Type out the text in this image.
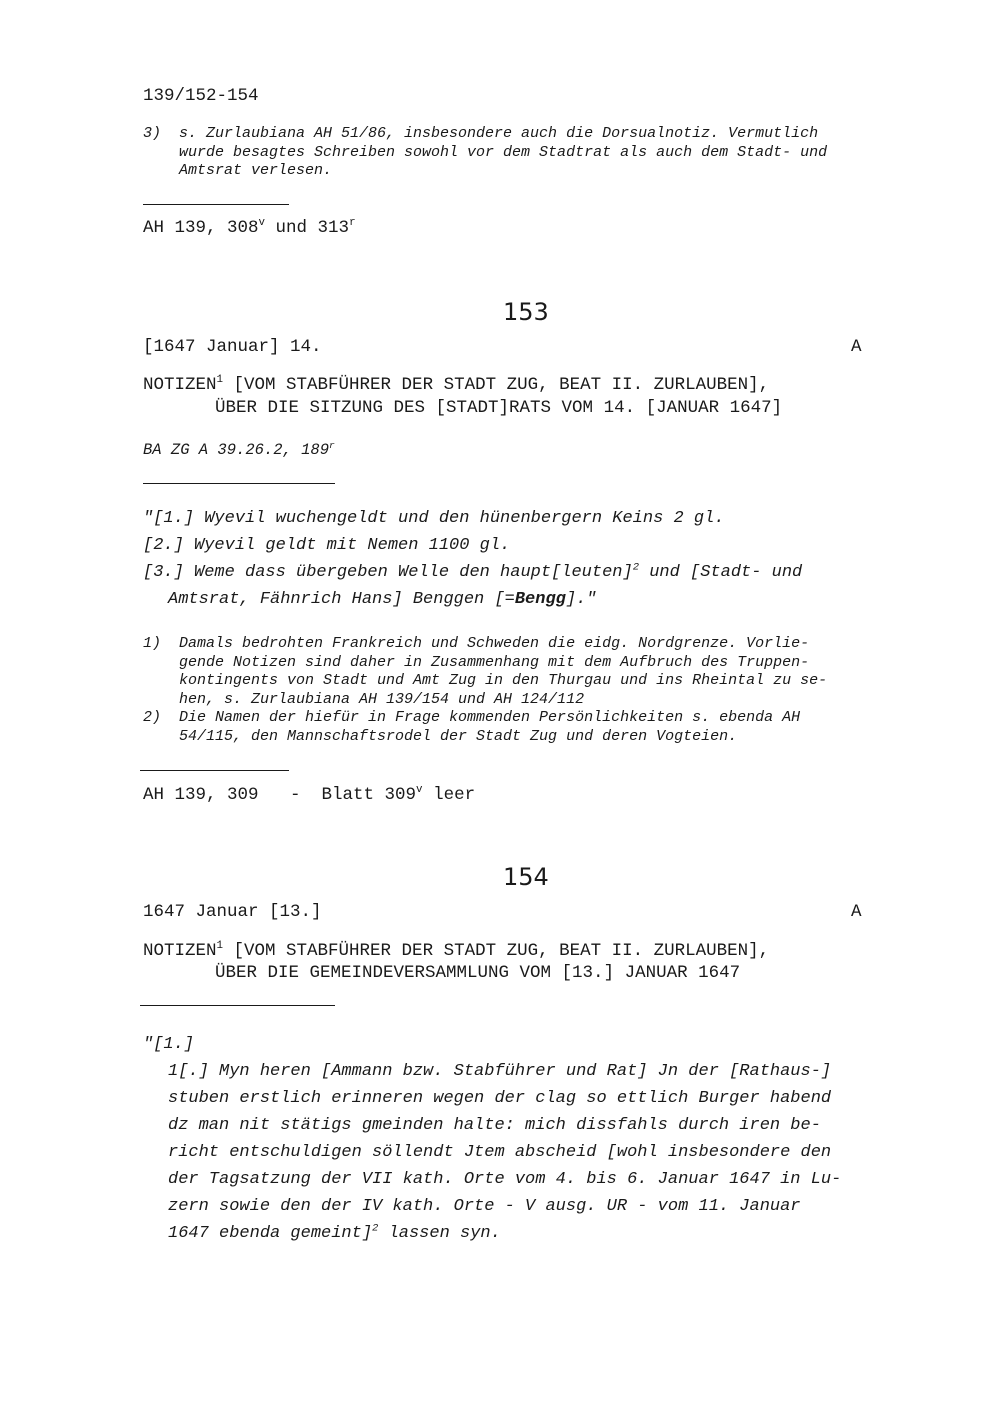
139/152-154
3)	s. Zurlaubiana AH 51/86, insbesondere auch die Dorsualnotiz. Vermutlich
wurde besagtes Schreiben sowohl vor dem Stadtrat als auch dem Stadt- und
Amtsrat verlesen.
AH 139, 308$^v$ und 313$^r$
153
[1647 Januar] 14.	A
NOTIZEN$^1$ [VOM STABFÜHRER DER STADT ZUG, BEAT II. ZURLAUBEN],
ÜBER DIE SITZUNG DES [STADT]RATS VOM 14. [JANUAR 1647]
BA ZG A 39.26.2, 189$^r$
"[1.] Wyevil wuchengeldt und den hünenbergern Keins 2 gl.
[2.] Wyevil geldt mit Nemen 1100 gl.
[3.] Weme dass übergeben Welle den haupt[leuten]$^2$ und [Stadt- und
Amtsrat, Fähnrich Hans] Benggen [=Bengg]."
1)	Damals bedrohten Frankreich und Schweden die eidg. Nordgrenze. Vorlie-
gende Notizen sind daher in Zusammenhang mit dem Aufbruch des Truppen-
kontingents von Stadt und Amt Zug in den Thurgau und ins Rheintal zu se-
hen, s. Zurlaubiana AH 139/154 und AH 124/112
2)	Die Namen der hiefür in Frage kommenden Persönlichkeiten s. ebenda AH
54/115, den Mannschaftsrodel der Stadt Zug und deren Vogteien.
AH 139, 309   -  Blatt 309$^v$ leer
154
1647 Januar [13.]	A
NOTIZEN$^1$ [VOM STABFÜHRER DER STADT ZUG, BEAT II. ZURLAUBEN],
ÜBER DIE GEMEINDEVERSAMMLUNG VOM [13.] JANUAR 1647
"[1.]
1[.] Myn heren [Ammann bzw. Stabführer und Rat] Jn der [Rathaus-]
stuben erstlich erinneren wegen der clag so ettlich Burger habend
dz man nit stätigs gmeinden halte: mich dissfahls durch iren be-
richt entschuldigen söllendt Jtem abscheid [wohl insbesondere den
der Tagsatzung der VII kath. Orte vom 4. bis 6. Januar 1647 in Lu-
zern sowie den der IV kath. Orte - V ausg. UR - vom 11. Januar
1647 ebenda gemeint]$^2$ lassen syn.
